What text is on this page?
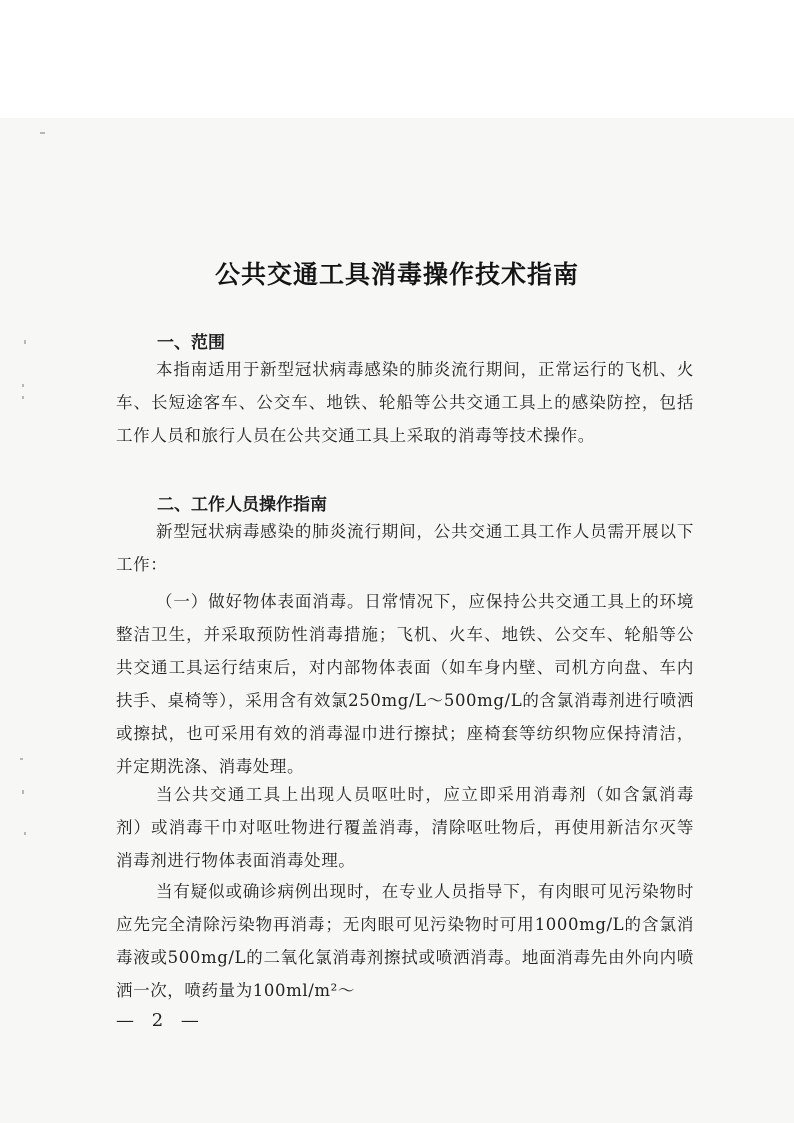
公共交通工具消毒操作技术指南
一、范围
本指南适用于新型冠状病毒感染的肺炎流行期间，正常运行的飞机、火车、长短途客车、公交车、地铁、轮船等公共交通工具上的感染防控，包括工作人员和旅行人员在公共交通工具上采取的消毒等技术操作。
二、工作人员操作指南
新型冠状病毒感染的肺炎流行期间，公共交通工具工作人员需开展以下工作：
（一）做好物体表面消毒。日常情况下，应保持公共交通工具上的环境整洁卫生，并采取预防性消毒措施；飞机、火车、地铁、公交车、轮船等公共交通工具运行结束后，对内部物体表面（如车身内壁、司机方向盘、车内扶手、桌椅等），采用含有效氯250mg/L～500mg/L的含氯消毒剂进行喷洒或擦拭，也可采用有效的消毒湿巾进行擦拭；座椅套等纺织物应保持清洁，并定期洗涤、消毒处理。
当公共交通工具上出现人员呕吐时，应立即采用消毒剂（如含氯消毒剂）或消毒干巾对呕吐物进行覆盖消毒，清除呕吐物后，再使用新洁尔灭等消毒剂进行物体表面消毒处理。
当有疑似或确诊病例出现时，在专业人员指导下，有肉眼可见污染物时应先完全清除污染物再消毒；无肉眼可见污染物时可用1000mg/L的含氯消毒液或500mg/L的二氧化氯消毒剂擦拭或喷洒消毒。地面消毒先由外向内喷洒一次，喷药量为100ml/m²～
— 2 —
